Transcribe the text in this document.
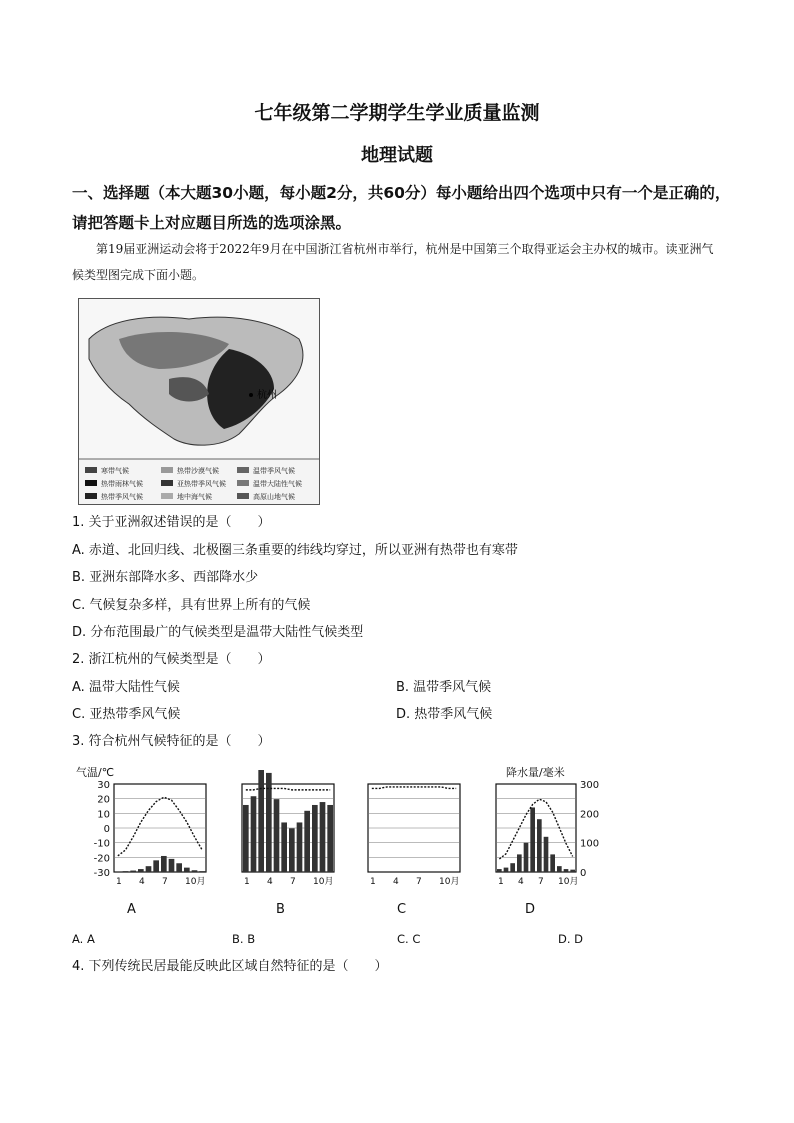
七年级第二学期学生学业质量监测
地理试题
一、选择题（本大题30小题，每小题2分，共60分）每小题给出四个选项中只有一个是正确的，请把答题卡上对应题目所选的选项涂黑。
第19届亚洲运动会将于2022年9月在中国浙江省杭州市举行，杭州是中国第三个取得亚运会主办权的城市。读亚洲气候类型图完成下面小题。
杭州
寒带气候	热带沙漠气候	温带季风气候
热带雨林气候	亚热带季风气候	温带大陆性气候
热带季风气候	地中海气候	高原山地气候
1. 关于亚洲叙述错误的是（　　）
A. 赤道、北回归线、北极圈三条重要的纬线均穿过，所以亚洲有热带也有寒带
B. 亚洲东部降水多、西部降水少
C. 气候复杂多样，具有世界上所有的气候
D. 分布范围最广的气候类型是温带大陆性气候类型
2. 浙江杭州的气候类型是（　　）
A. 温带大陆性气候	B. 温带季风气候
C. 亚热带季风气候	D. 热带季风气候
3. 符合杭州气候特征的是（　　）
气温/℃	降水量/毫米
1 4 7 10月
30
20
10
0
-10
-20
-30
1 4 7 10月	1 4 7 10月	1 4 7 10月
300
200
100
0
A	B	C	D
A. A	B. B	C. C	D. D
4. 下列传统民居最能反映此区域自然特征的是（　　）
